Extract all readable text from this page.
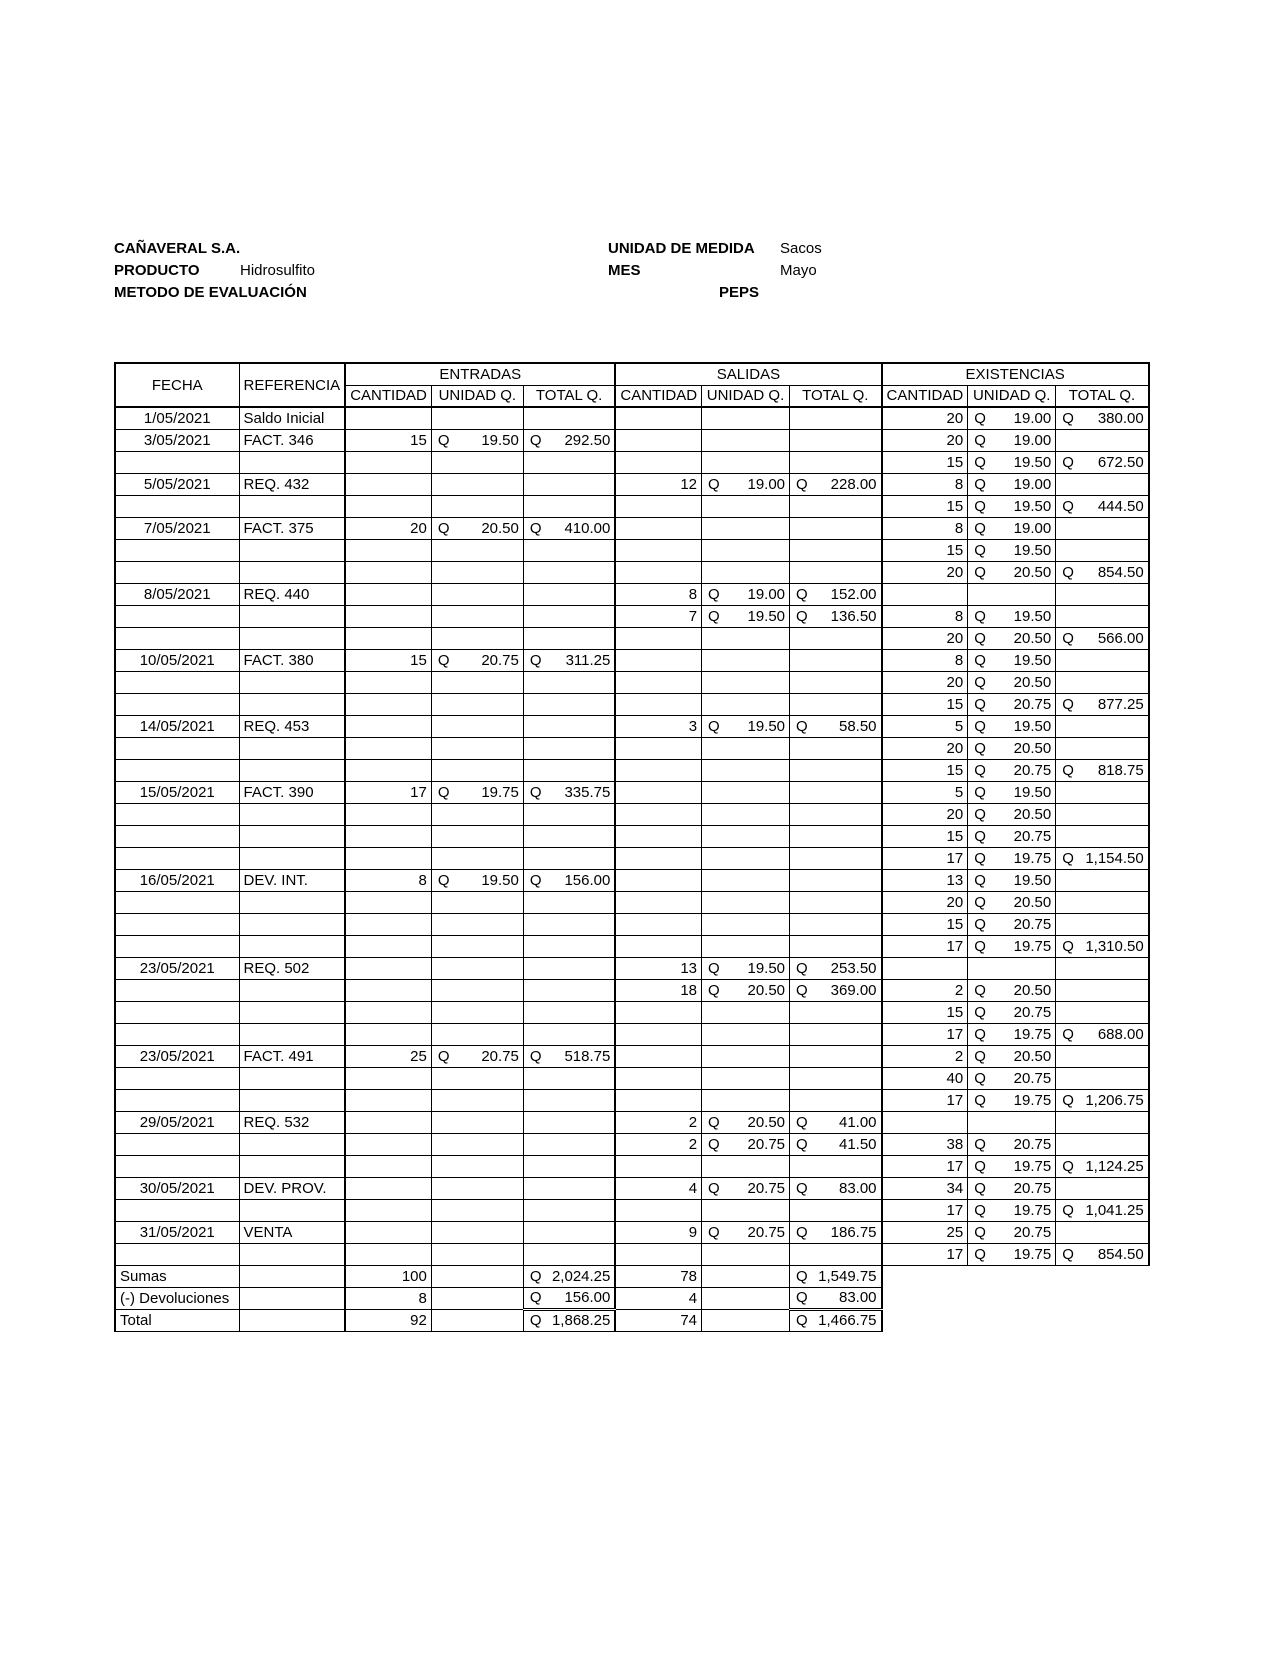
CAÑAVERAL S.A.
PRODUCTO	Hidrosulfito
METODO DE EVALUACIÓN	PEPS
UNIDAD DE MEDIDA Sacos
MES	Mayo
FECHA	REFERENCIA	ENTRADAS			SALIDAS			EXISTENCIAS		
		CANTIDAD	UNIDAD Q.	TOTAL Q.	CANTIDAD	UNIDAD Q.	TOTAL Q.	CANTIDAD	UNIDAD Q.	TOTAL Q.
1/05/2021	Saldo Inicial							20	Q 19.00	Q 380.00

3/05/2021	FACT. 346	15	Q 19.50	Q 292.50				20	Q 19.00	

								15	Q 19.50	Q 672.50

5/05/2021	REQ. 432				12	Q 19.00	Q 228.00	8	Q 19.00	

								15	Q 19.50	Q 444.50

7/05/2021	FACT. 375	20	Q 20.50	Q 410.00				8	Q 19.00	

								15	Q 19.50	

								20	Q 20.50	Q 854.50

8/05/2021	REQ. 440				8	Q 19.00	Q 152.00			

					7	Q 19.50	Q 136.50	8	Q 19.50	

								20	Q 20.50	Q 566.00

10/05/2021	FACT. 380	15	Q 20.75	Q 311.25				8	Q 19.50	

								20	Q 20.50	

								15	Q 20.75	Q 877.25

14/05/2021	REQ. 453				3	Q 19.50	Q 58.50	5	Q 19.50	

								20	Q 20.50	

								15	Q 20.75	Q 818.75

15/05/2021	FACT. 390	17	Q 19.75	Q 335.75				5	Q 19.50	

								20	Q 20.50	

								15	Q 20.75	

								17	Q 19.75	Q 1,154.50

16/05/2021	DEV. INT.	8	Q 19.50	Q 156.00				13	Q 19.50	

								20	Q 20.50	

								15	Q 20.75	

								17	Q 19.75	Q 1,310.50

23/05/2021	REQ. 502				13	Q 19.50	Q 253.50			

					18	Q 20.50	Q 369.00	2	Q 20.50	

								15	Q 20.75	

								17	Q 19.75	Q 688.00

23/05/2021	FACT. 491	25	Q 20.75	Q 518.75				2	Q 20.50	

								40	Q 20.75	

								17	Q 19.75	Q 1,206.75

29/05/2021	REQ. 532				2	Q 20.50	Q 41.00			

					2	Q 20.75	Q 41.50	38	Q 20.75	

								17	Q 19.75	Q 1,124.25

30/05/2021	DEV. PROV.				4	Q 20.75	Q 83.00	34	Q 20.75	

								17	Q 19.75	Q 1,041.25

31/05/2021	VENTA				9	Q 20.75	Q 186.75	25	Q 20.75	

								17	Q 19.75	Q 854.50

Sumas		100		Q 2,024.25	78		Q 1,549.75			

(-) Devoluciones		8		Q 156.00	4		Q 83.00			

Total		92		Q 1,868.25	74		Q 1,466.75			
